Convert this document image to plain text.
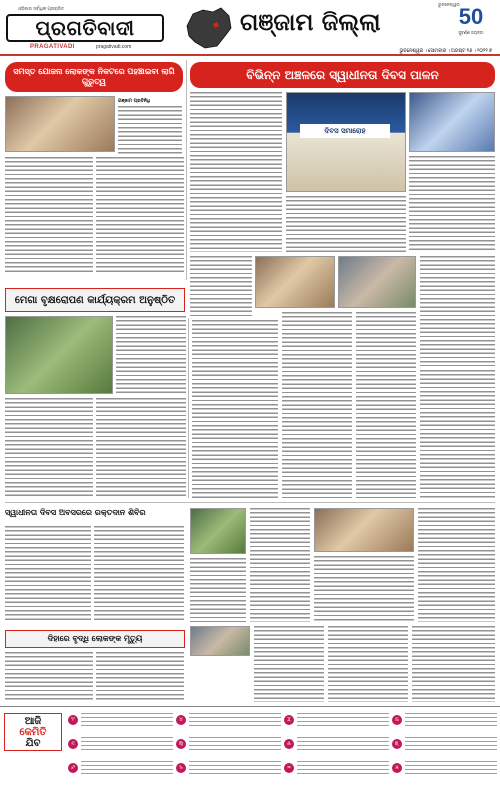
ଓଡ଼ିଶାର ସର୍ବାଧିକ ପ୍ରଚାରିତ
ପ୍ରଗତିବାଦୀ
PRAGATIVADI	pragativadi.com
ଗଞ୍ଜାମ ଜିଲ୍ଲା
ଭୁବନେଶ୍ୱର 50
ସୁବର୍ଣ୍ଣ ଜୟନ୍ତୀ
ଭୁବନେଶ୍ୱର । ସୋମବାର । ଅଗଷ୍ଟ ୧୬ । ୨୦୨୧ ୭
ସମସ୍ତ ଯୋଜନା ଲୋକଙ୍କ ନିକଟରେ ପହଞ୍ଚାଇବା ଲାଗି ଗୁରୁତ୍ୱ
ଗଞ୍ଜାମ ପ୍ରତିନିଧି
ବିଭିନ୍ନ ଅଞ୍ଚଳରେ ସ୍ୱାଧୀନତା ଦିବସ ପାଳନ
ଦିବସ ସମାରୋହ
ମେଗା ବୃକ୍ଷରୋପଣ କାର୍ଯ୍ୟକ୍ରମ ଅନୁଷ୍ଠିତ
ସ୍ୱାଧୀନତା ଦିବସ ଅବସରରେ ରକ୍ତଦାନ ଶିବିର
ଦିହାରେ ବୃଦ୍ଧି ଲୋକଙ୍କ ମୃତ୍ୟୁ
ଆଜି
କେମିତି
ଯିବ
♈	♉	♊	♋
♌	♍	♎	♏
♐	♑	♒	♓
